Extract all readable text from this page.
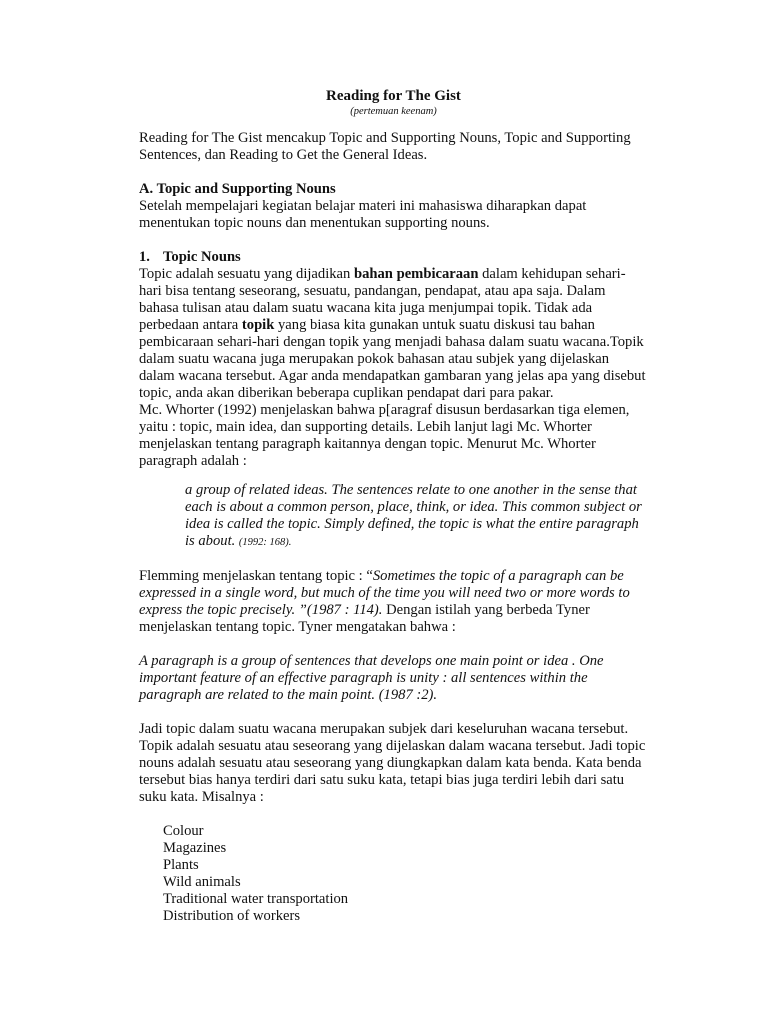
Reading for The Gist

(pertemuan keenam)

Reading for The Gist mencakup Topic and Supporting Nouns, Topic and Supporting Sentences, dan Reading to Get the General Ideas.

A. Topic and Supporting Nouns

Setelah mempelajari kegiatan belajar materi ini mahasiswa diharapkan dapat menentukan topic nouns dan menentukan supporting nouns.

1. Topic Nouns

Topic adalah sesuatu yang dijadikan bahan pembicaraan dalam kehidupan sehari-hari bisa tentang seseorang, sesuatu, pandangan, pendapat, atau apa saja. Dalam bahasa tulisan atau dalam suatu wacana kita juga menjumpai topik. Tidak ada perbedaan antara topik yang biasa kita gunakan untuk suatu diskusi tau bahan pembicaraan sehari-hari dengan topik yang menjadi bahasa dalam suatu wacana.Topik dalam suatu wacana juga merupakan pokok bahasan atau subjek yang dijelaskan dalam wacana tersebut. Agar anda mendapatkan gambaran yang jelas apa yang disebut topic, anda akan diberikan beberapa cuplikan pendapat dari para pakar.

Mc. Whorter (1992) menjelaskan bahwa p[aragraf disusun berdasarkan tiga elemen, yaitu : topic, main idea, dan supporting details. Lebih lanjut lagi Mc. Whorter menjelaskan tentang paragraph kaitannya dengan topic. Menurut Mc. Whorter paragraph adalah :

a group of related ideas. The sentences relate to one another in the sense that each is about a common person, place, think, or idea. This common subject or idea is called the topic. Simply defined, the topic is what the entire paragraph is about. (1992: 168).

Flemming menjelaskan tentang topic : “Sometimes the topic of a paragraph can be expressed in a single word, but much of the time you will need two or more words to express the topic precisely. ”(1987 : 114). Dengan istilah yang berbeda Tyner menjelaskan tentang topic. Tyner mengatakan bahwa :

A paragraph is a group of sentences that develops one main point or idea . One important feature of an effective paragraph is unity : all sentences within the paragraph are related to the main point. (1987 :2).

Jadi topic dalam suatu wacana merupakan subjek dari keseluruhan wacana tersebut. Topik adalah sesuatu atau seseorang yang dijelaskan dalam wacana tersebut. Jadi topic nouns adalah sesuatu atau seseorang yang diungkapkan dalam kata benda. Kata benda tersebut bias hanya terdiri dari satu suku kata, tetapi bias juga terdiri lebih dari satu suku kata. Misalnya :

Colour
Magazines
Plants
Wild animals
Traditional water transportation
Distribution of workers
